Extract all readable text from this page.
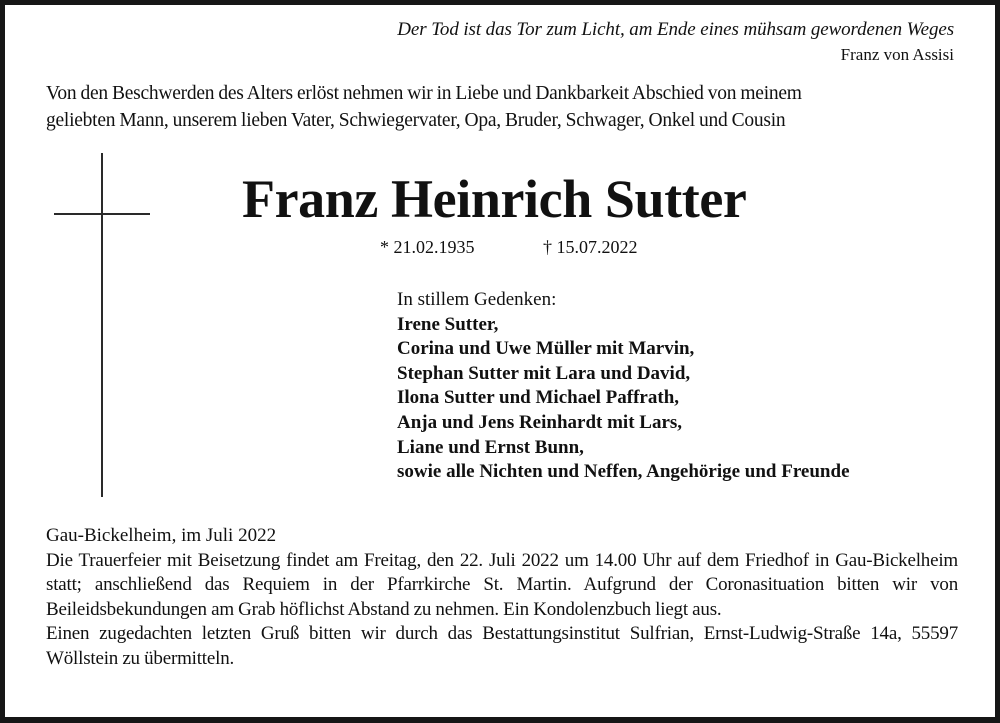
Der Tod ist das Tor zum Licht, am Ende eines mühsam gewordenen Weges
Franz von Assisi
Von den Beschwerden des Alters erlöst nehmen wir in Liebe und Dankbarkeit Abschied von meinem
geliebten Mann, unserem lieben Vater, Schwiegervater, Opa, Bruder, Schwager, Onkel und Cousin
Franz Heinrich Sutter
* 21.02.1935	† 15.07.2022
In stillem Gedenken:
Irene Sutter,
Corina und Uwe Müller mit Marvin,
Stephan Sutter mit Lara und David,
Ilona Sutter und Michael Paffrath,
Anja und Jens Reinhardt mit Lars,
Liane und Ernst Bunn,
sowie alle Nichten und Neffen, Angehörige und Freunde

Gau-Bickelheim, im Juli 2022

Die Trauerfeier mit Beisetzung findet am Freitag, den 22. Juli 2022 um 14.00 Uhr auf dem Friedhof in Gau-Bickelheim statt; anschließend das Requiem in der Pfarrkirche St. Martin. Aufgrund der Coronasituation bitten wir von Beileidsbekundungen am Grab höflichst Abstand zu nehmen. Ein Kondolenzbuch liegt aus.

Einen zugedachten letzten Gruß bitten wir durch das Bestattungsinstitut Sulfrian, Ernst-Ludwig-Straße 14a, 55597 Wöllstein zu übermitteln.
